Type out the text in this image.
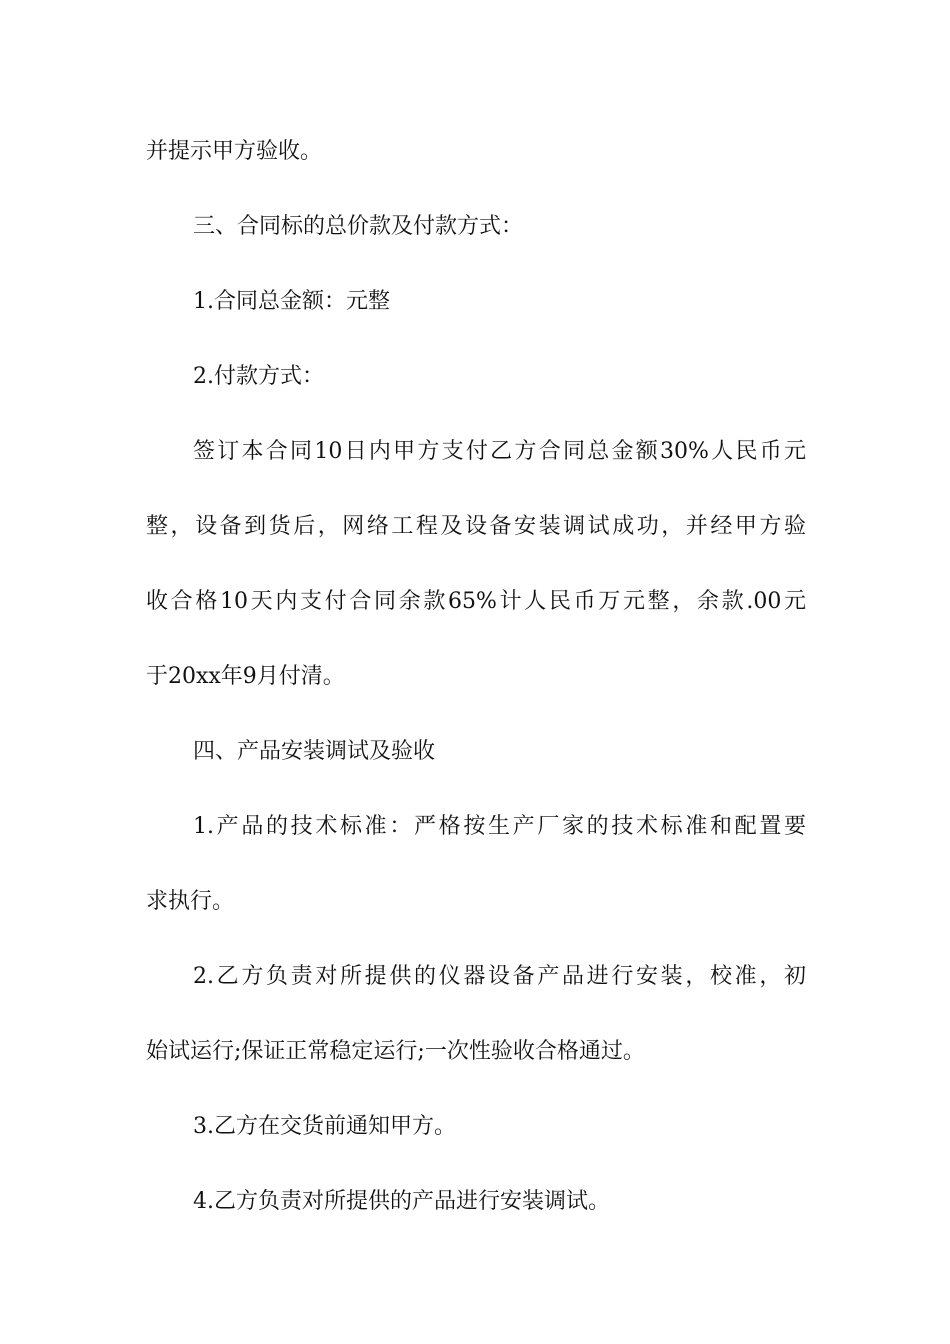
并提示甲方验收。
三、合同标的总价款及付款方式：
1.合同总金额：元整
2.付款方式：
签订本合同10日内甲方支付乙方合同总金额30%人民币元
整，设备到货后，网络工程及设备安装调试成功，并经甲方验
收合格10天内支付合同余款65%计人民币万元整，余款.00元
于20xx年9月付清。
四、产品安装调试及验收
1.产品的技术标准：严格按生产厂家的技术标准和配置要
求执行。
2.乙方负责对所提供的仪器设备产品进行安装，校准，初
始试运行;保证正常稳定运行;一次性验收合格通过。
3.乙方在交货前通知甲方。
4.乙方负责对所提供的产品进行安装调试。
